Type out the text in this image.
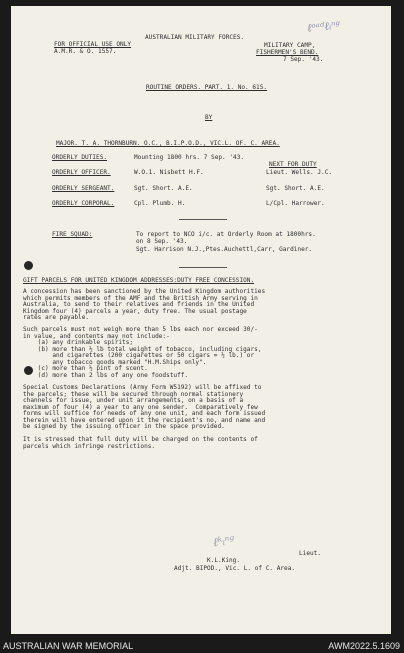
ℓᵒᵃᵈℓᵢⁿᵍ
AUSTRALIAN MILITARY FORCES.
FOR OFFICIAL USE ONLY
A.M.R. & O. 1557.
MILITARY CAMP,
FISHERMEN'S BEND.
7 Sep. '43.
ROUTINE ORDERS. PART. 1. No. 615.
BY
MAJOR. T. A. THORNBURN. O.C., B.I.P.O.D., VIC.L. OF. C. AREA.
ORDERLY DUTIES.	Mounting 1800 hrs. 7 Sep. '43.
NEXT FOR DUTY
ORDERLY OFFICER.	W.O.1. Nisbett H.F.	Lieut. Wells. J.C.
ORDERLY SERGEANT.	Sgt. Short. A.E.	Sgt. Short. A.E.
ORDERLY CORPORAL.	Cpl. Plumb. H.	L/Cpl. Harrower.
FIRE SQUAD:	To report to NCO i/c. at Orderly Room at 1800hrs.
on 8 Sep. '43.
Sgt. Harrison N.J.,Ptes.Auchettl,Carr, Gardiner.
GIFT PARCELS FOR UNITED KINGDOM ADDRESSES:DUTY FREE CONCESSION.
A concession has been sanctioned by the United Kingdom authorities
which permits members of the AMF and the British Army serving in
Australia, to send to their relatives and friends in the United
Kingdom four (4) parcels a year, duty free. The usual postage
rates are payable.
Such parcels must not weigh more than 5 lbs each nor exceed 30/-
in value, and contents may not include:-
(a) any drinkable spirits;
(b) more than ½ lb total weight of tobacco, including cigars,
and cigarettes (200 cigarettes or 50 cigars = ½ lb.) or
any tobacco goods marked "H.M.Ships only".
(c) more than ½ pint of scent.
(d) more than 2 lbs of any one foodstuff.
Special Customs Declarations (Army Form W5192) will be affixed to
the parcels; these will be secured through normal stationery
channels for issue, under unit arrangements, on a basis of a
maximum of four (4) a year to any one sender.  Comparatively few
forms will suffice for needs of any one unit, and each form issued
therein will have entered upon it the recipient's no, and name and
be signed by the issuing officer in the space provided.
It is stressed that full duty will be charged on the contents of
parcels which infringe restrictions.
ℓᵏᵢⁿᵍ
Lieut.
K.L.King.
Adjt. BIPOD., Vic. L. of C. Area.
AUSTRALIAN WAR MEMORIAL	AWM2022.5.1609
